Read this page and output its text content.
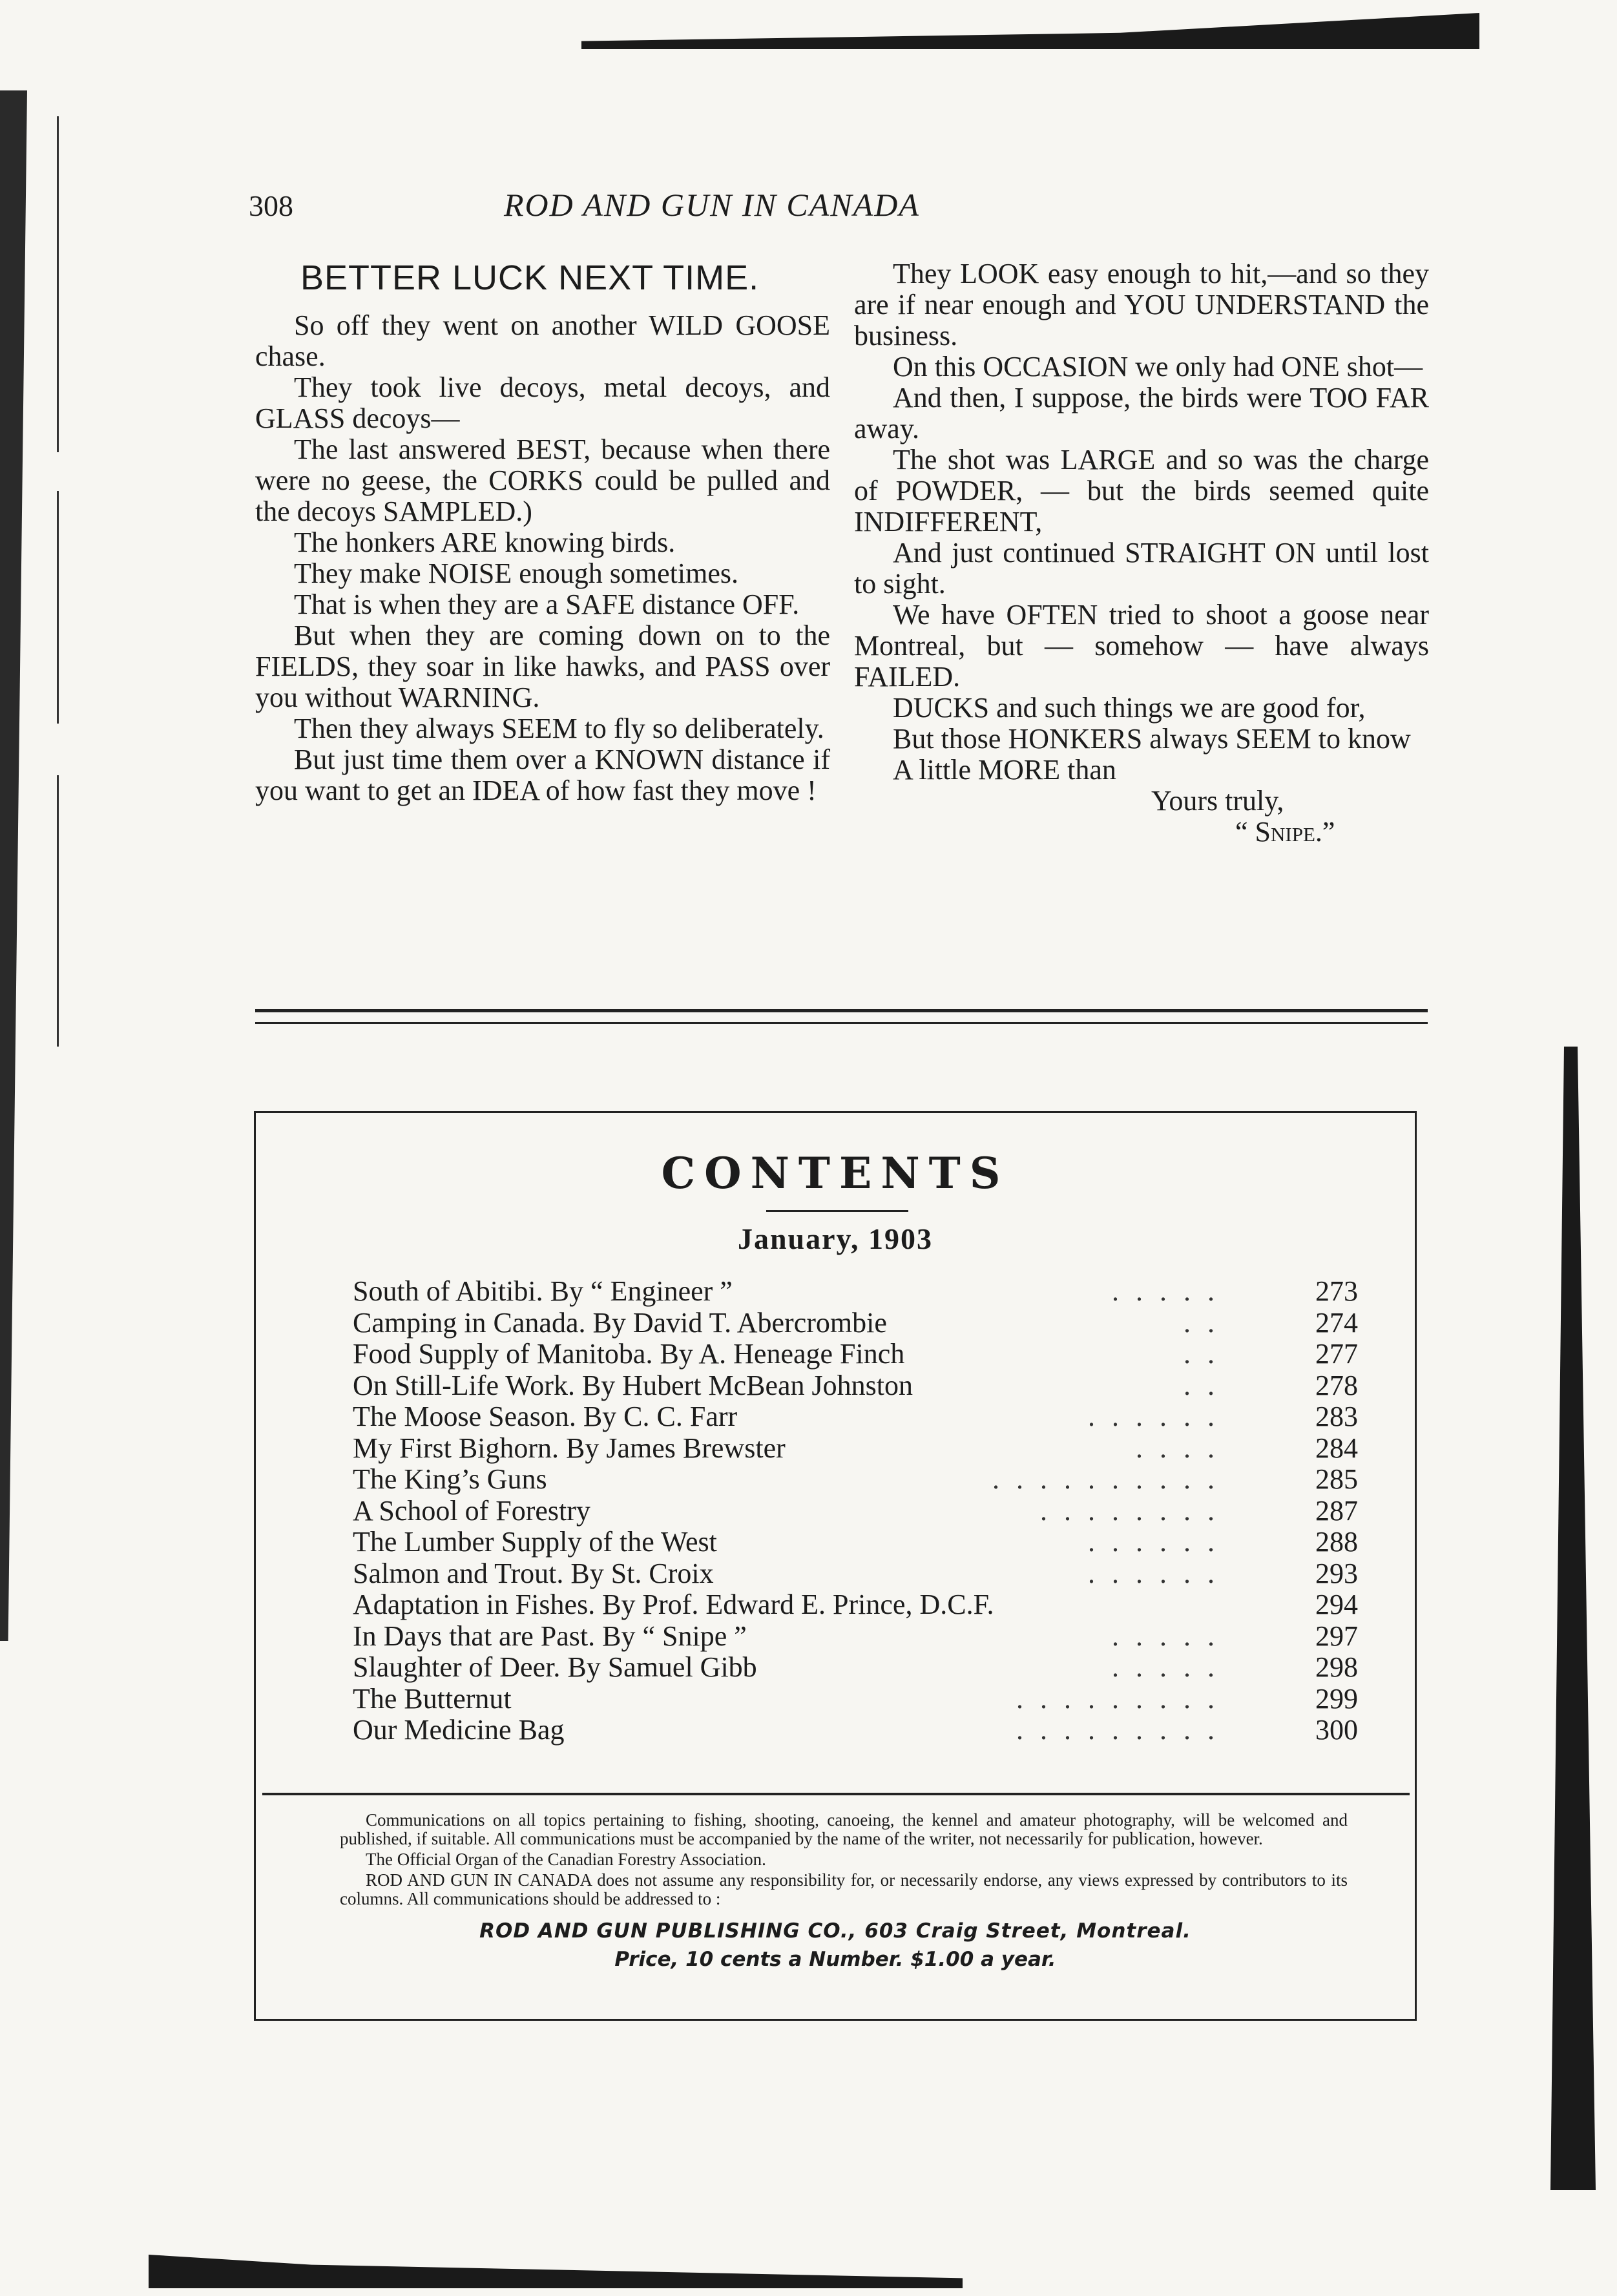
308	ROD AND GUN IN CANADA
BETTER LUCK NEXT TIME.

So off they went on another WILD GOOSE chase.

They took live decoys, metal decoys, and GLASS decoys—

The last answered BEST, because when there were no geese, the CORKS could be pulled and the decoys SAMPLED.)

The honkers ARE knowing birds.

They make NOISE enough sometimes.

That is when they are a SAFE distance OFF.

But when they are coming down on to the FIELDS, they soar in like hawks, and PASS over you without WARNING.

Then they always SEEM to fly so deliberately.

But just time them over a KNOWN distance if you want to get an IDEA of how fast they move !

They LOOK easy enough to hit,—and so they are if near enough and YOU UNDERSTAND the business.

On this OCCASION we only had ONE shot—

And then, I suppose, the birds were TOO FAR away.

The shot was LARGE and so was the charge of POWDER, — but the birds seemed quite INDIFFERENT,

And just continued STRAIGHT ON until lost to sight.

We have OFTEN tried to shoot a goose near Montreal, but — somehow — have always FAILED.

DUCKS and such things we are good for,

But those HONKERS always SEEM to know

A little MORE than

Yours truly,

“ Snipe.”

CONTENTS
January, 1903
South of Abitibi. By “ Engineer ”	.....	273
Camping in Canada. By David T. Abercrombie	..	274
Food Supply of Manitoba. By A. Heneage Finch	..	277
On Still-Life Work. By Hubert McBean Johnston	..	278
The Moose Season. By C. C. Farr	......	283
My First Bighorn. By James Brewster	....	284
The King’s Guns	..........	285
A School of Forestry	........	287
The Lumber Supply of the West	......	288
Salmon and Trout. By St. Croix	......	293
Adaptation in Fishes. By Prof. Edward E. Prince, D.C.F.	294
In Days that are Past. By “ Snipe ”	.....	297
Slaughter of Deer. By Samuel Gibb	.....	298
The Butternut	.........	299
Our Medicine Bag	.........	300

Communications on all topics pertaining to fishing, shooting, canoeing, the kennel and amateur photography, will be welcomed and published, if suitable. All communications must be accompanied by the name of the writer, not necessarily for publication, however.

The Official Organ of the Canadian Forestry Association.

ROD AND GUN IN CANADA does not assume any responsibility for, or necessarily endorse, any views expressed by contributors to its columns. All communications should be addressed to :

ROD AND GUN PUBLISHING CO., 603 Craig Street, Montreal.
Price, 10 cents a Number. $1.00 a year.
